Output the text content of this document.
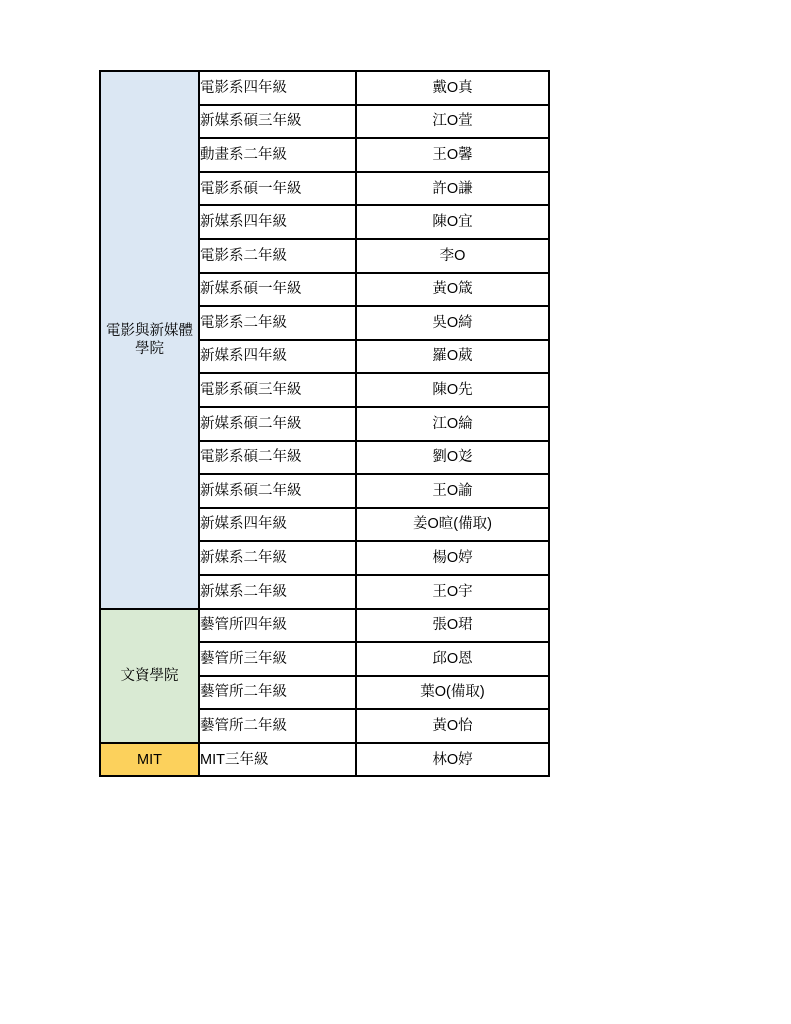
電影與新媒體學院	電影系四年級	戴O真
	新媒系碩三年級	江O萱
	動畫系二年級	王O馨
	電影系碩一年級	許O謙
	新媒系四年級	陳O宜
	電影系二年級	李O
	新媒系碩一年級	黃O箴
	電影系二年級	吳O綺
	新媒系四年級	羅O葳
	電影系碩三年級	陳O先
	新媒系碩二年級	江O綸
	電影系碩二年級	劉O彣
	新媒系碩二年級	王O諭
	新媒系四年級	姜O暄(備取)
	新媒系二年級	楊O婷
	新媒系二年級	王O宇
文資學院	藝管所四年級	張O珺
	藝管所三年級	邱O恩
	藝管所二年級	葉O(備取)
	藝管所二年級	黃O怡
MIT	MIT三年級	林O婷
